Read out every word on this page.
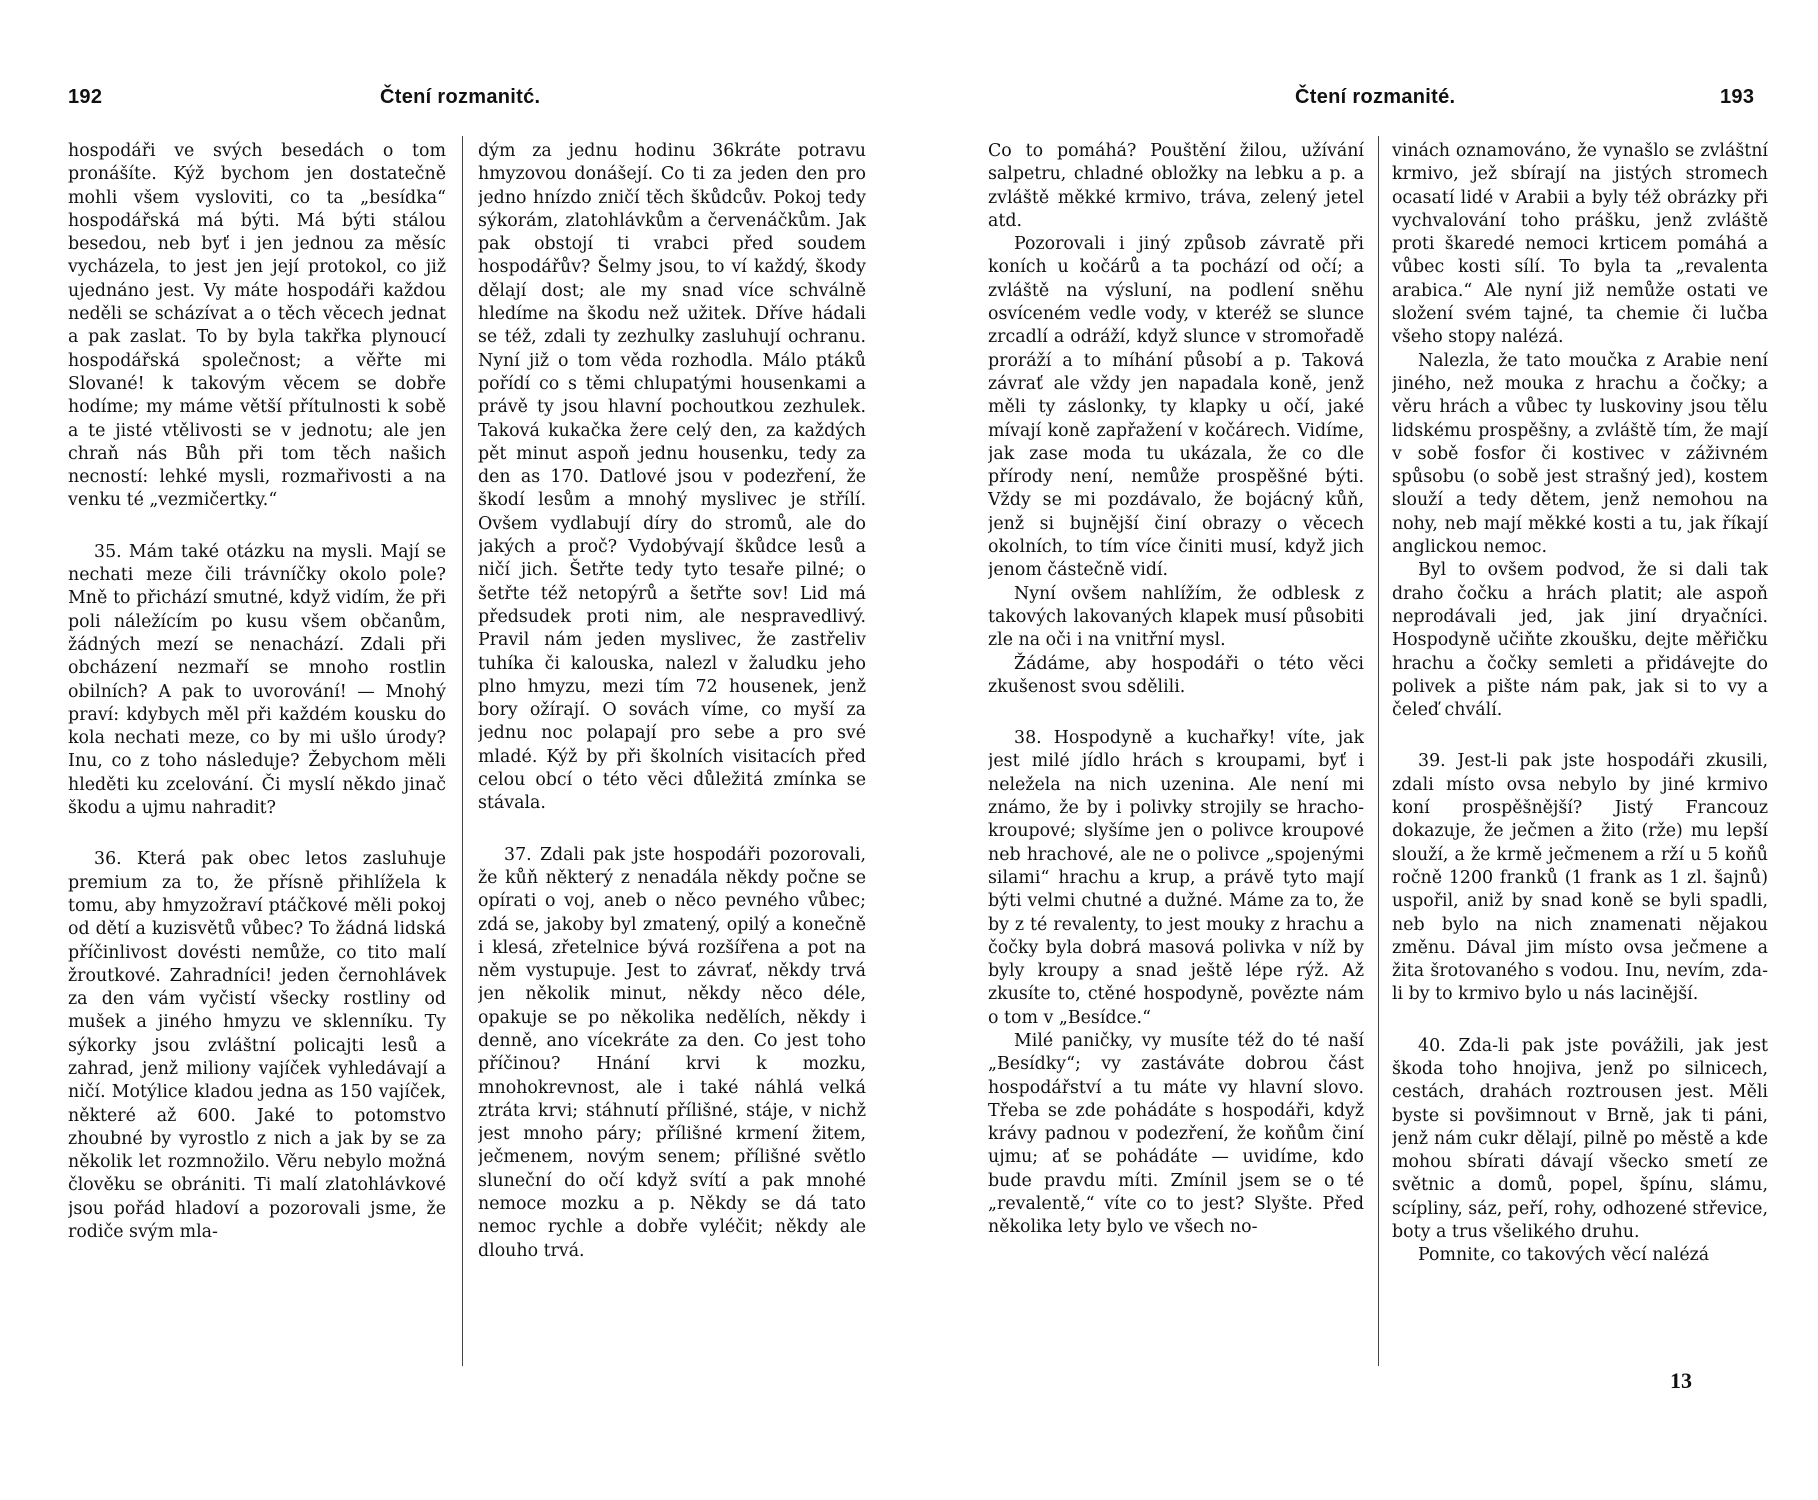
192	Čtení rozmanitć.

hospodáři ve svých besedách o tom pronášíte. Kýž bychom jen dostatečně mohli všem vysloviti, co ta „besídka“ hospodářská má býti. Má býti stálou besedou, neb byť i jen jednou za měsíc vycházela, to jest jen její protokol, co již ujednáno jest. Vy máte hospodáři každou neděli se scházívat a o těch věcech jednat a pak zaslat. To by byla takřka plynoucí hospodářská společnost; a věřte mi Slované! k takovým věcem se dobře hodíme; my máme větší přítulnosti k sobě a te jisté vtělivosti se v jednotu; ale jen chraň nás Bůh při tom těch našich necností: lehké mysli, rozmařivosti a na venku té „vezmičertky.“

35. Mám také otázku na mysli. Mají se nechati meze čili trávníčky okolo pole? Mně to přichází smutné, když vidím, že při poli náležícím po kusu všem občanům, žádných mezí se nenachází. Zdali při obcházení nezmaří se mnoho rostlin obilních? A pak to uvorování! — Mnohý praví: kdybych měl při každém kousku do kola nechati meze, co by mi ušlo úrody? Inu, co z toho následuje? Žebychom měli hleděti ku zcelování. Či myslí někdo jinač škodu a ujmu nahradit?

36. Která pak obec letos zasluhuje premium za to, že přísně přihlížela k tomu, aby hmyzožraví ptáčkové měli pokoj od dětí a kuzisvětů vůbec? To žádná lidská příčinlivost dovésti nemůže, co tito malí žroutkové. Zahradníci! jeden černohlávek za den vám vyčistí všecky rostliny od mušek a jiného hmyzu ve sklenníku. Ty sýkorky jsou zvláštní policajti lesů a zahrad, jenž miliony vajíček vyhledávají a ničí. Motýlice kladou jedna as 150 vajíček, některé až 600. Jaké to potomstvo zhoubné by vyrostlo z nich a jak by se za několik let rozmnožilo. Věru nebylo možná člověku se obrániti. Ti malí zlatohlávkové jsou pořád hladoví a pozorovali jsme, že rodiče svým mla-

dým za jednu hodinu 36kráte potravu hmyzovou donášejí. Co ti za jeden den pro jedno hnízdo zničí těch škůdcův. Pokoj tedy sýkorám, zlatohlávkům a červenáčkům. Jak pak obstojí ti vrabci před soudem hospodářův? Šelmy jsou, to ví každý, škody dělají dost; ale my snad více schválně hledíme na škodu než užitek. Dříve hádali se též, zdali ty zezhulky zasluhují ochranu. Nyní již o tom věda rozhodla. Málo ptáků pořídí co s těmi chlupatými housenkami a právě ty jsou hlavní pochoutkou zezhulek. Taková kukačka žere celý den, za každých pět minut aspoň jednu housenku, tedy za den as 170. Datlové jsou v podezření, že škodí lesům a mnohý myslivec je střílí. Ovšem vydlabují díry do stromů, ale do jakých a proč? Vydobývají škůdce lesů a ničí jich. Šetřte tedy tyto tesaře pilné; o šetřte též netopýrů a šetřte sov! Lid má předsudek proti nim, ale nespravedlivý. Pravil nám jeden myslivec, že zastřeliv tuhíka či kalouska, nalezl v žaludku jeho plno hmyzu, mezi tím 72 housenek, jenž bory ožírají. O sovách víme, co myší za jednu noc polapají pro sebe a pro své mladé. Kýž by při školních visitacích před celou obcí o této věci důležitá zmínka se stávala.

37. Zdali pak jste hospodáři pozorovali, že kůň některý z nenadála někdy počne se opírati o voj, aneb o něco pevného vůbec; zdá se, jakoby byl zmatený, opilý a konečně i klesá, zřetelnice bývá rozšířena a pot na něm vystupuje. Jest to závrať, někdy trvá jen několik minut, někdy něco déle, opakuje se po několika nedělích, někdy i denně, ano vícekráte za den. Co jest toho příčinou? Hnání krvi k mozku, mnohokrevnost, ale i také náhlá velká ztráta krvi; stáhnutí přílišné, stáje, v nichž jest mnoho páry; přílišné krmení žitem, ječmenem, novým senem; přílišné světlo sluneční do očí když svítí a pak mnohé nemoce mozku a p. Někdy se dá tato nemoc rychle a dobře vyléčit; někdy ale dlouho trvá.

Čtení rozmanité.	193

Co to pomáhá? Pouštění žilou, užívání salpetru, chladné obložky na lebku a p. a zvláště měkké krmivo, tráva, zelený jetel atd.

Pozorovali i jiný způsob závratě při koních u kočárů a ta pochází od očí; a zvláště na výsluní, na podlení sněhu osvíceném vedle vody, v kteréž se slunce zrcadlí a odráží, když slunce v stromořadě proráží a to míhání působí a p. Taková závrať ale vždy jen napadala koně, jenž měli ty záslonky, ty klapky u očí, jaké mívají koně zapřažení v kočárech. Vidíme, jak zase moda tu ukázala, že co dle přírody není, nemůže prospěšné býti. Vždy se mi pozdávalo, že bojácný kůň, jenž si bujnější činí obrazy o věcech okolních, to tím více činiti musí, když jich jenom částečně vidí.

Nyní ovšem nahlížím, že odblesk z takových lakovaných klapek musí působiti zle na oči i na vnitřní mysl.

Žádáme, aby hospodáři o této věci zkušenost svou sdělili.

38. Hospodyně a kuchařky! víte, jak jest milé jídlo hrách s kroupami, byť i neležela na nich uzenina. Ale není mi známo, že by i polivky strojily se hracho-kroupové; slyšíme jen o polivce kroupové neb hrachové, ale ne o polivce „spojenými silami“ hrachu a krup, a právě tyto mají býti velmi chutné a dužné. Máme za to, že by z té revalenty, to jest mouky z hrachu a čočky byla dobrá masová polivka v níž by byly kroupy a snad ještě lépe rýž. Až zkusíte to, ctěné hospodyně, povězte nám o tom v „Besídce.“

Milé paničky, vy musíte též do té naší „Besídky“; vy zastáváte dobrou část hospodářství a tu máte vy hlavní slovo. Třeba se zde pohádáte s hospodáři, když krávy padnou v podezření, že koňům činí ujmu; ať se pohádáte — uvidíme, kdo bude pravdu míti. Zmínil jsem se o té „revalentě,“ víte co to jest? Slyšte. Před několika lety bylo ve všech no-

vinách oznamováno, že vynašlo se zvláštní krmivo, jež sbírají na jistých stromech ocasatí lidé v Arabii a byly též obrázky při vychvalování toho prášku, jenž zvláště proti škaredé nemoci krticem pomáhá a vůbec kosti sílí. To byla ta „revalenta arabica.“ Ale nyní již nemůže ostati ve složení svém tajné, ta chemie či lučba všeho stopy nalézá.

Nalezla, že tato moučka z Arabie není jiného, než mouka z hrachu a čočky; a věru hrách a vůbec ty luskoviny jsou tělu lidskému prospěšny, a zvláště tím, že mají v sobě fosfor či kostivec v záživném spůsobu (o sobě jest strašný jed), kostem slouží a tedy dětem, jenž nemohou na nohy, neb mají měkké kosti a tu, jak říkají anglickou nemoc.

Byl to ovšem podvod, že si dali tak draho čočku a hrách platit; ale aspoň neprodávali jed, jak jiní dryačníci. Hospodyně učiňte zkoušku, dejte měřičku hrachu a čočky semleti a přidávejte do polivek a pište nám pak, jak si to vy a čeleď chválí.

39. Jest-li pak jste hospodáři zkusili, zdali místo ovsa nebylo by jiné krmivo koní prospěšnější? Jistý Francouz dokazuje, že ječmen a žito (rže) mu lepší slouží, a že krmě ječmenem a rží u 5 koňů ročně 1200 franků (1 frank as 1 zl. šajnů) uspořil, aniž by snad koně se byli spadli, neb bylo na nich znamenati nějakou změnu. Dával jim místo ovsa ječmene a žita šrotovaného s vodou. Inu, nevím, zda-li by to krmivo bylo u nás lacinější.

40. Zda-li pak jste povážili, jak jest škoda toho hnojiva, jenž po silnicech, cestách, drahách roztrousen jest. Měli byste si povšimnout v Brně, jak ti páni, jenž nám cukr dělají, pilně po městě a kde mohou sbírati dávají všecko smetí ze světnic a domů, popel, špínu, slámu, scípliny, sáz, peří, rohy, odhozené střevice, boty a trus všelikého druhu.

Pomnite, co takových věcí nalézá

13
